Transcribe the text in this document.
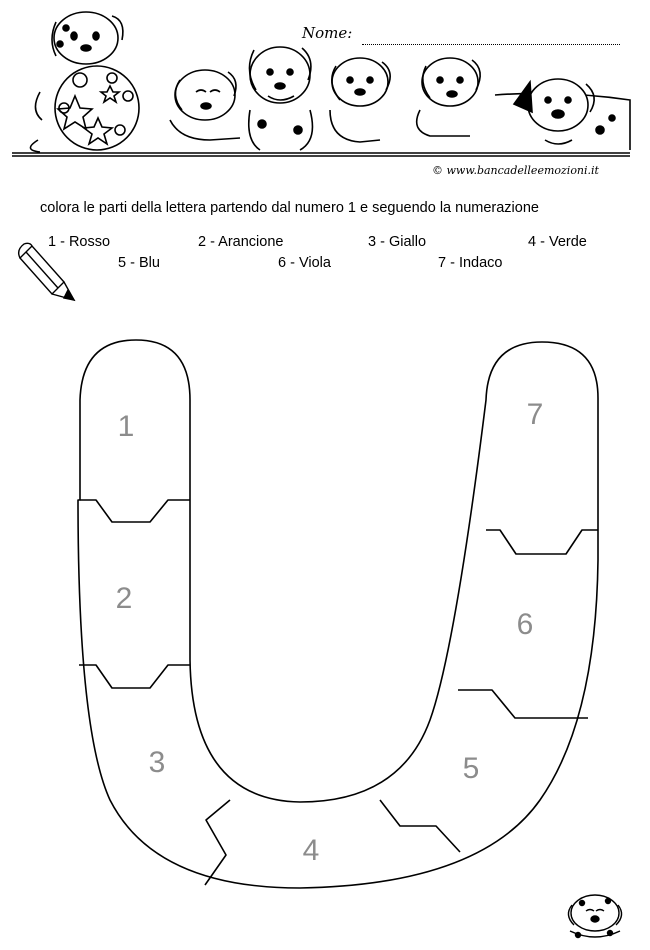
Nome:
© www.bancadelleemozioni.it
colora le parti della lettera partendo dal numero 1 e seguendo la numerazione
1 - Rosso	2 - Arancione	3 - Giallo	4 - Verde
5 - Blu	6 - Viola	7 - Indaco
1
2
3
4
5
6
7
